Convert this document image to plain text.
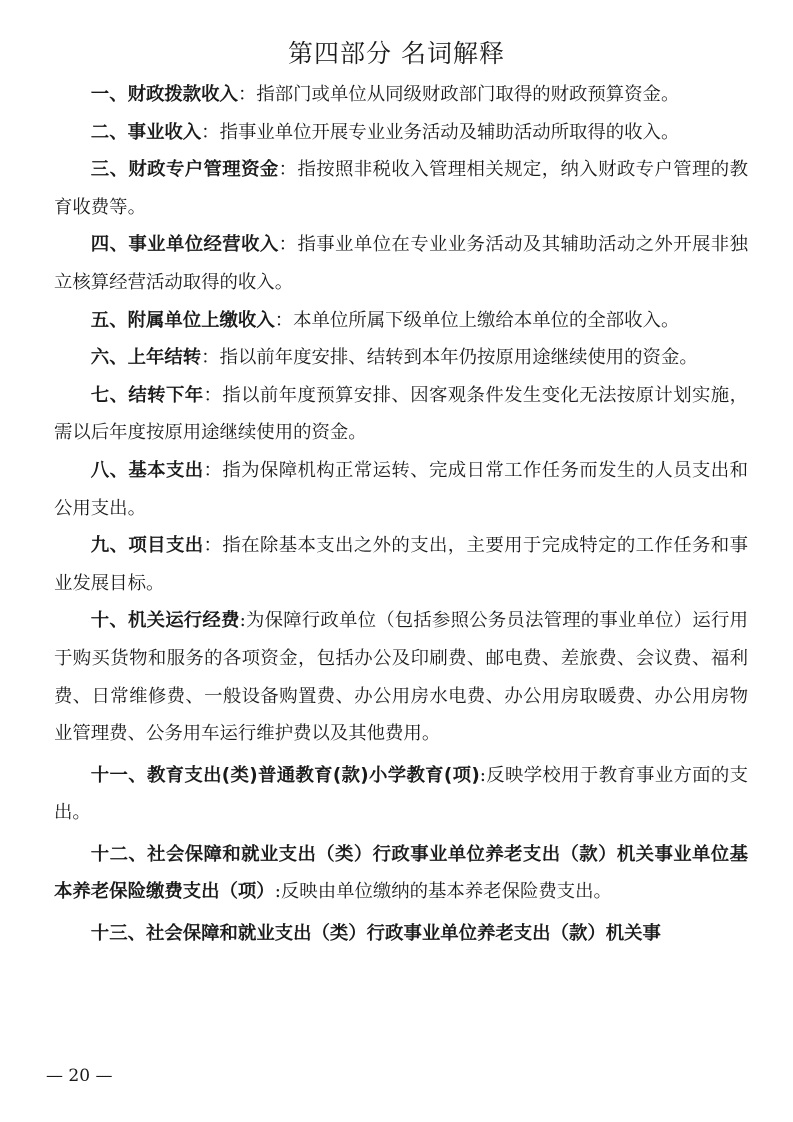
第四部分 名词解释

一、财政拨款收入：指部门或单位从同级财政部门取得的财政预算资金。

二、事业收入：指事业单位开展专业业务活动及辅助活动所取得的收入。

三、财政专户管理资金：指按照非税收入管理相关规定，纳入财政专户管理的教育收费等。

四、事业单位经营收入：指事业单位在专业业务活动及其辅助活动之外开展非独立核算经营活动取得的收入。

五、附属单位上缴收入：本单位所属下级单位上缴给本单位的全部收入。

六、上年结转：指以前年度安排、结转到本年仍按原用途继续使用的资金。

七、结转下年：指以前年度预算安排、因客观条件发生变化无法按原计划实施，需以后年度按原用途继续使用的资金。

八、基本支出：指为保障机构正常运转、完成日常工作任务而发生的人员支出和公用支出。

九、项目支出：指在除基本支出之外的支出，主要用于完成特定的工作任务和事业发展目标。

十、机关运行经费:为保障行政单位（包括参照公务员法管理的事业单位）运行用于购买货物和服务的各项资金，包括办公及印刷费、邮电费、差旅费、会议费、福利费、日常维修费、一般设备购置费、办公用房水电费、办公用房取暖费、办公用房物业管理费、公务用车运行维护费以及其他费用。

十一、教育支出(类)普通教育(款)小学教育(项):反映学校用于教育事业方面的支出。

十二、社会保障和就业支出（类）行政事业单位养老支出（款）机关事业单位基本养老保险缴费支出（项）:反映由单位缴纳的基本养老保险费支出。

十三、社会保障和就业支出（类）行政事业单位养老支出（款）机关事

— 20 —
